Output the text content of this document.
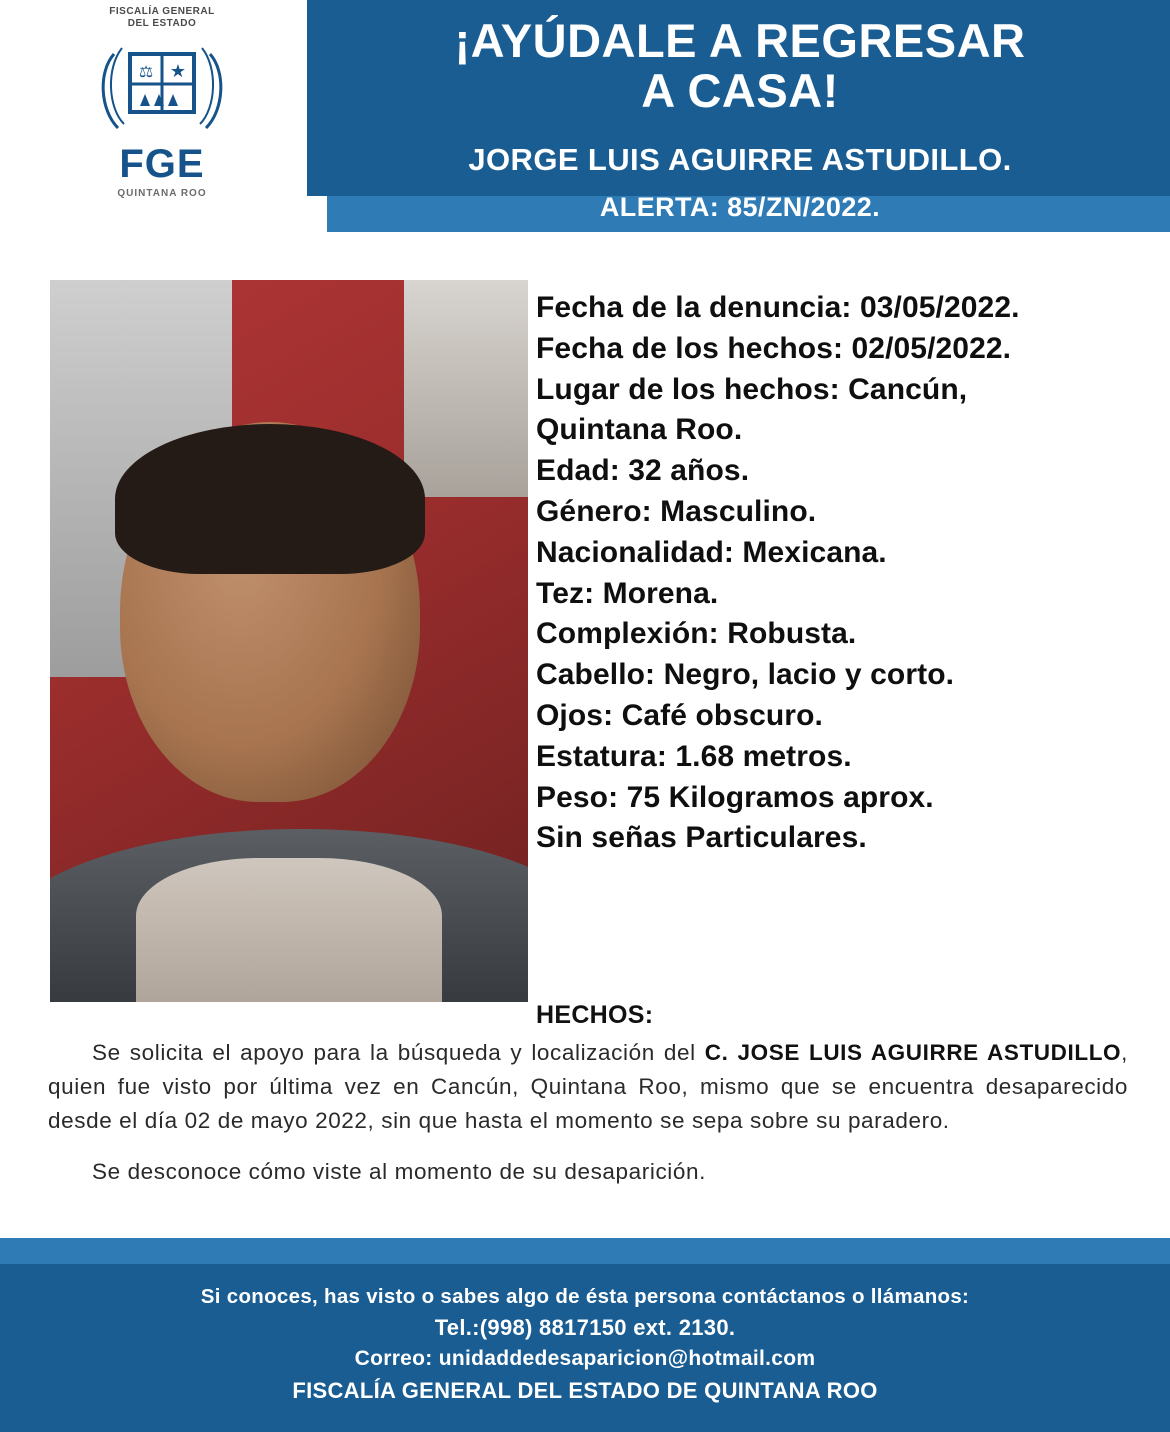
FISCALÍA GENERAL
DEL ESTADO
⚖ ★
FGE
QUINTANA ROO
¡AYÚDALE A REGRESAR
A CASA!
JORGE LUIS AGUIRRE ASTUDILLO.
ALERTA: 85/ZN/2022.
Fecha de la denuncia: 03/05/2022.
Fecha de los hechos: 02/05/2022.
Lugar de los hechos: Cancún,
Quintana Roo.
Edad: 32 años.
Género: Masculino.
Nacionalidad: Mexicana.
Tez: Morena.
Complexión: Robusta.
Cabello: Negro, lacio y corto.
Ojos: Café obscuro.
Estatura: 1.68 metros.
Peso: 75 Kilogramos aprox.
Sin señas Particulares.
HECHOS:

Se solicita el apoyo para la búsqueda y localización del C. JOSE LUIS AGUIRRE ASTUDILLO, quien fue visto por última vez en Cancún, Quintana Roo, mismo que se encuentra desaparecido desde el día 02 de mayo 2022, sin que hasta el momento se sepa sobre su paradero.

Se desconoce cómo viste al momento de su desaparición.

Si conoces, has visto o sabes algo de ésta persona contáctanos o llámanos:
Tel.:(998) 8817150 ext. 2130.
Correo: unidaddedesaparicion@hotmail.com
FISCALÍA GENERAL DEL ESTADO DE QUINTANA ROO
